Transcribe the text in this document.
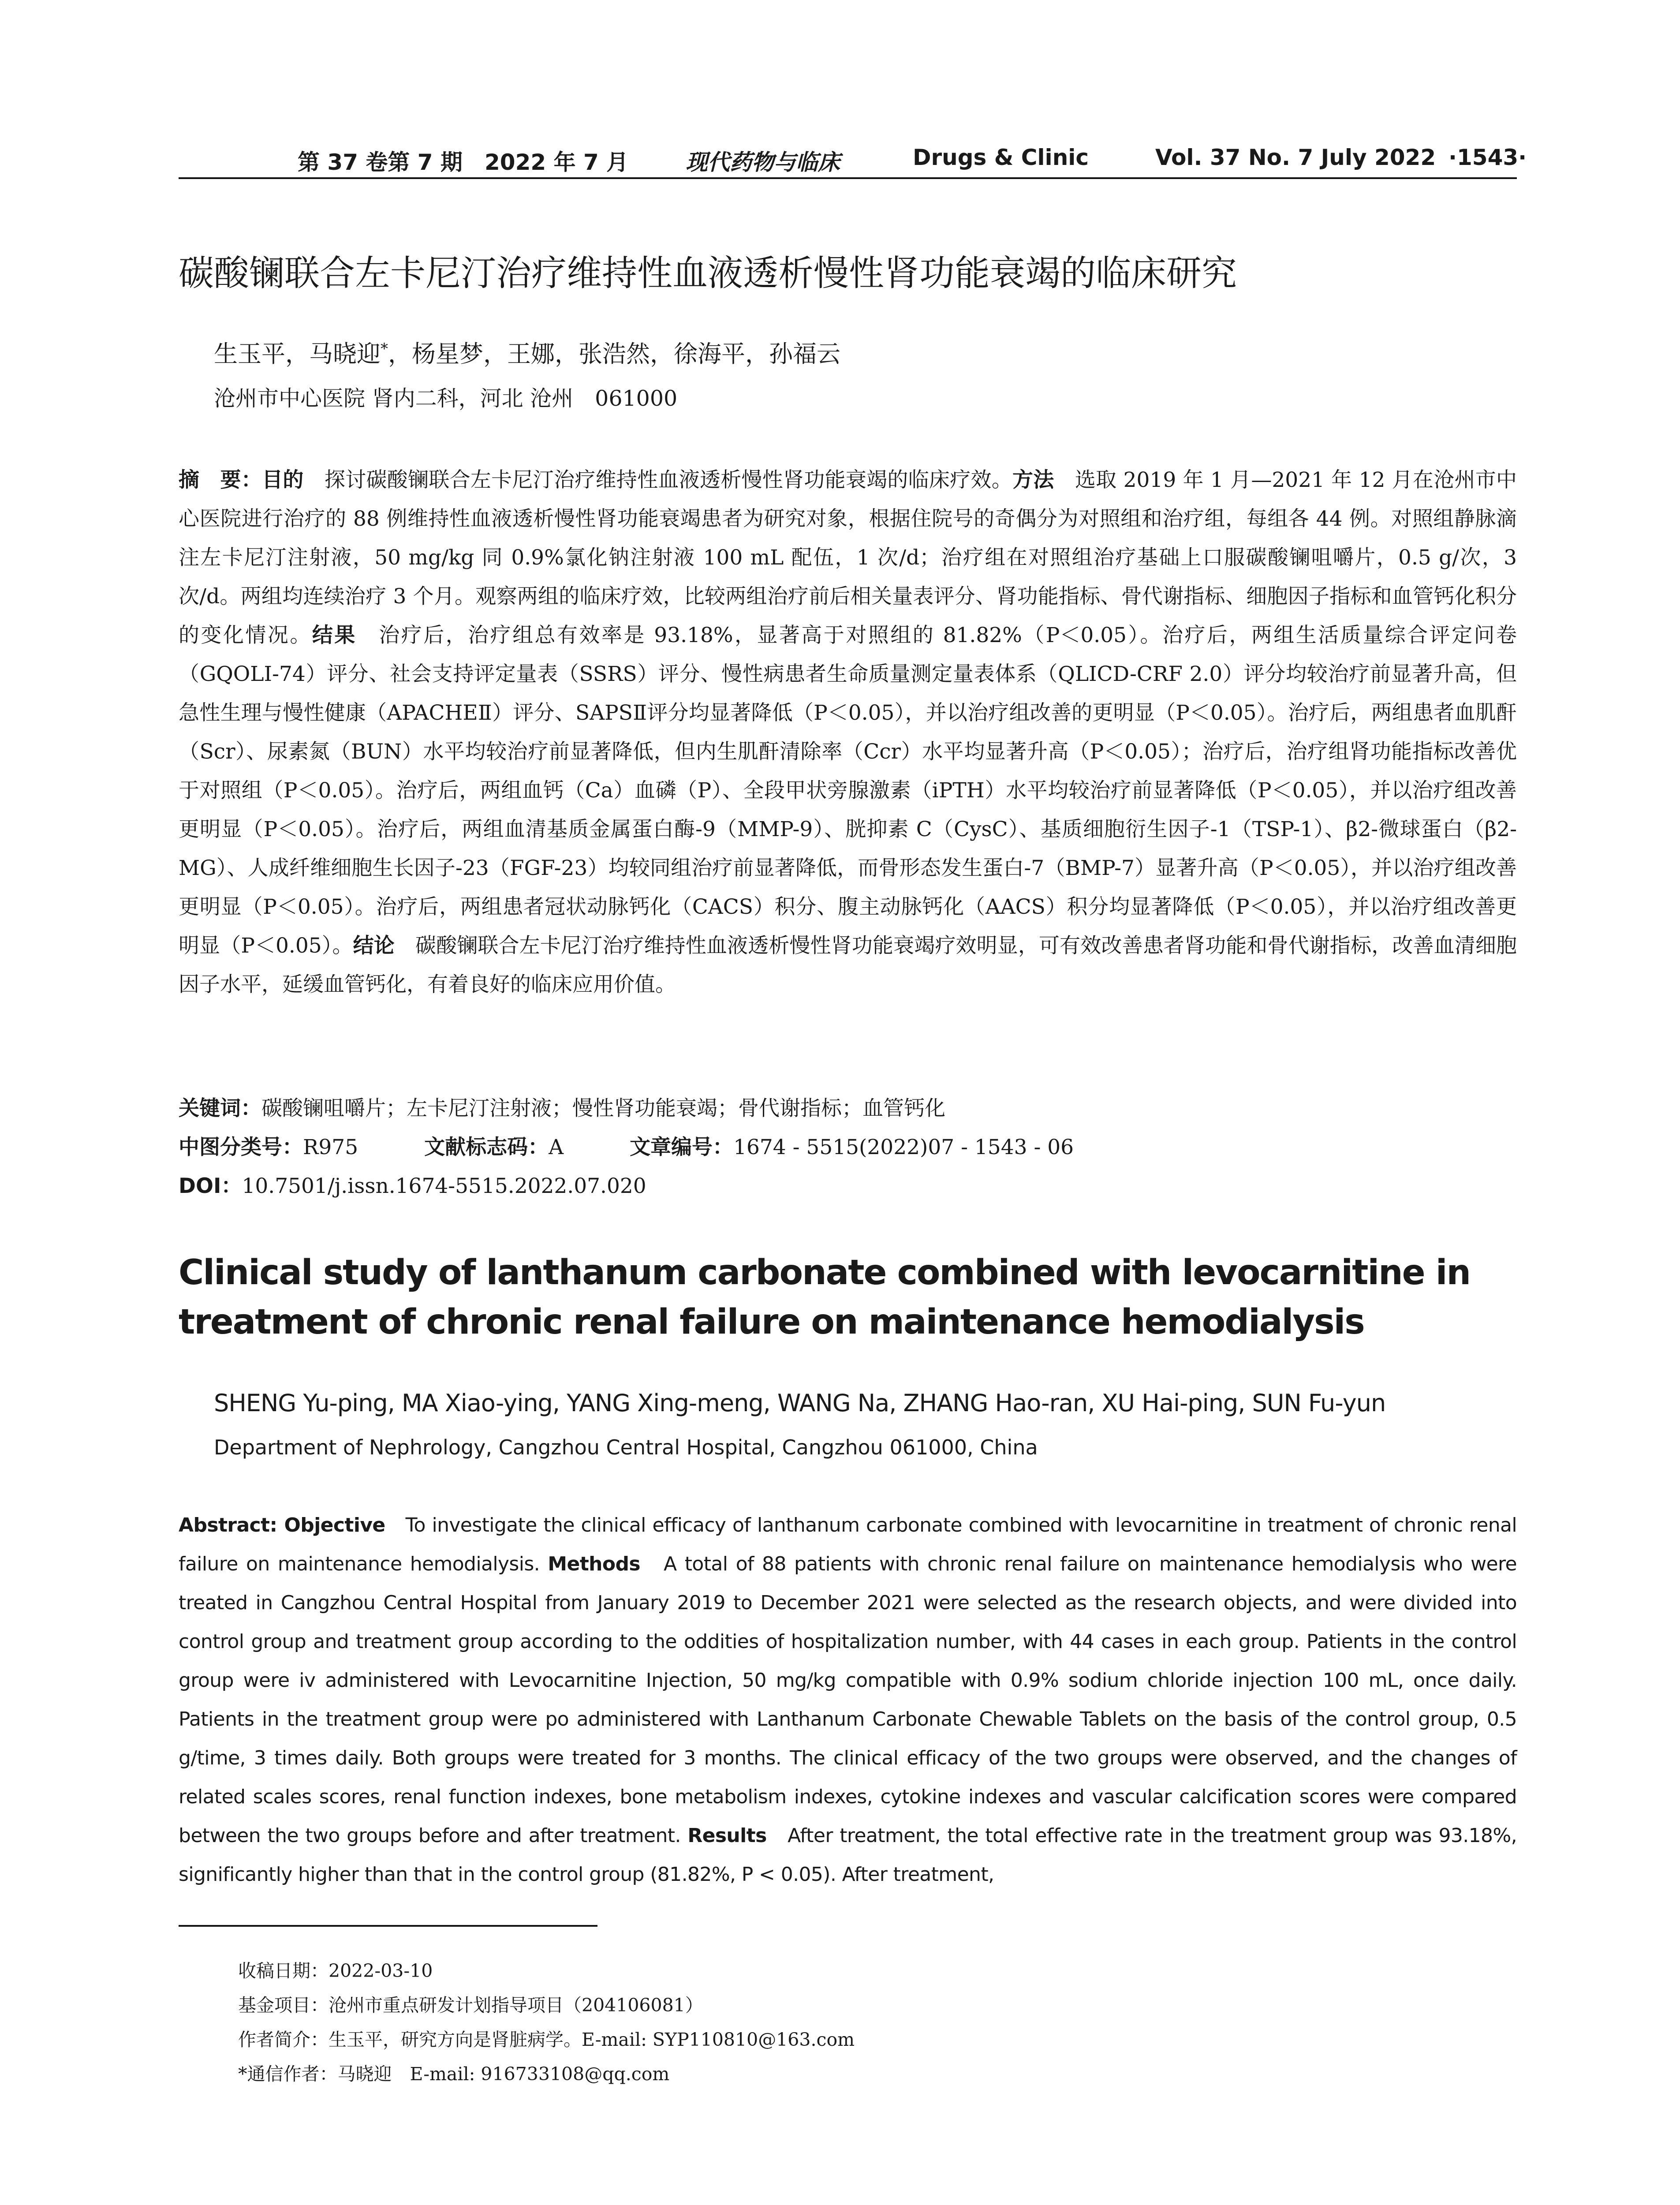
第 37 卷第 7 期　2022 年 7 月	现代药物与临床	Drugs & Clinic	Vol. 37 No. 7 July 2022 ·1543·
碳酸镧联合左卡尼汀治疗维持性血液透析慢性肾功能衰竭的临床研究
生玉平，马晓迎*，杨星梦，王娜，张浩然，徐海平，孙福云
沧州市中心医院 肾内二科，河北 沧州　061000

摘　要：目的　探讨碳酸镧联合左卡尼汀治疗维持性血液透析慢性肾功能衰竭的临床疗效。方法　选取 2019 年 1 月—2021 年 12 月在沧州市中心医院进行治疗的 88 例维持性血液透析慢性肾功能衰竭患者为研究对象，根据住院号的奇偶分为对照组和治疗组，每组各 44 例。对照组静脉滴注左卡尼汀注射液，50 mg/kg 同 0.9%氯化钠注射液 100 mL 配伍，1 次/d；治疗组在对照组治疗基础上口服碳酸镧咀嚼片，0.5 g/次，3 次/d。两组均连续治疗 3 个月。观察两组的临床疗效，比较两组治疗前后相关量表评分、肾功能指标、骨代谢指标、细胞因子指标和血管钙化积分的变化情况。结果　治疗后，治疗组总有效率是 93.18%，显著高于对照组的 81.82%（P＜0.05）。治疗后，两组生活质量综合评定问卷（GQOLI-74）评分、社会支持评定量表（SSRS）评分、慢性病患者生命质量测定量表体系（QLICD-CRF 2.0）评分均较治疗前显著升高，但急性生理与慢性健康（APACHEⅡ）评分、SAPSⅡ评分均显著降低（P＜0.05），并以治疗组改善的更明显（P＜0.05）。治疗后，两组患者血肌酐（Scr）、尿素氮（BUN）水平均较治疗前显著降低，但内生肌酐清除率（Ccr）水平均显著升高（P＜0.05）；治疗后，治疗组肾功能指标改善优于对照组（P＜0.05）。治疗后，两组血钙（Ca）血磷（P）、全段甲状旁腺激素（iPTH）水平均较治疗前显著降低（P＜0.05），并以治疗组改善更明显（P＜0.05）。治疗后，两组血清基质金属蛋白酶-9（MMP-9）、胱抑素 C（CysC）、基质细胞衍生因子-1（TSP-1）、β2-微球蛋白（β2-MG）、人成纤维细胞生长因子-23（FGF-23）均较同组治疗前显著降低，而骨形态发生蛋白-7（BMP-7）显著升高（P＜0.05），并以治疗组改善更明显（P＜0.05）。治疗后，两组患者冠状动脉钙化（CACS）积分、腹主动脉钙化（AACS）积分均显著降低（P＜0.05），并以治疗组改善更明显（P＜0.05）。结论　碳酸镧联合左卡尼汀治疗维持性血液透析慢性肾功能衰竭疗效明显，可有效改善患者肾功能和骨代谢指标，改善血清细胞因子水平，延缓血管钙化，有着良好的临床应用价值。

关键词：碳酸镧咀嚼片；左卡尼汀注射液；慢性肾功能衰竭；骨代谢指标；血管钙化
中图分类号：R975	文献标志码：A	文章编号：1674 - 5515(2022)07 - 1543 - 06
DOI：10.7501/j.issn.1674-5515.2022.07.020
Clinical study of lanthanum carbonate combined with levocarnitine in treatment of chronic renal failure on maintenance hemodialysis
SHENG Yu-ping, MA Xiao-ying, YANG Xing-meng, WANG Na, ZHANG Hao-ran, XU Hai-ping, SUN Fu-yun
Department of Nephrology, Cangzhou Central Hospital, Cangzhou 061000, China

Abstract: Objective　To investigate the clinical efficacy of lanthanum carbonate combined with levocarnitine in treatment of chronic renal failure on maintenance hemodialysis. Methods　A total of 88 patients with chronic renal failure on maintenance hemodialysis who were treated in Cangzhou Central Hospital from January 2019 to December 2021 were selected as the research objects, and were divided into control group and treatment group according to the oddities of hospitalization number, with 44 cases in each group. Patients in the control group were iv administered with Levocarnitine Injection, 50 mg/kg compatible with 0.9% sodium chloride injection 100 mL, once daily. Patients in the treatment group were po administered with Lanthanum Carbonate Chewable Tablets on the basis of the control group, 0.5 g/time, 3 times daily. Both groups were treated for 3 months. The clinical efficacy of the two groups were observed, and the changes of related scales scores, renal function indexes, bone metabolism indexes, cytokine indexes and vascular calcification scores were compared between the two groups before and after treatment. Results　After treatment, the total effective rate in the treatment group was 93.18%, significantly higher than that in the control group (81.82%, P < 0.05). After treatment,

收稿日期：2022-03-10
基金项目：沧州市重点研发计划指导项目（204106081）
作者简介：生玉平，研究方向是肾脏病学。E-mail: SYP110810@163.com
*通信作者：马晓迎　E-mail: 916733108@qq.com
